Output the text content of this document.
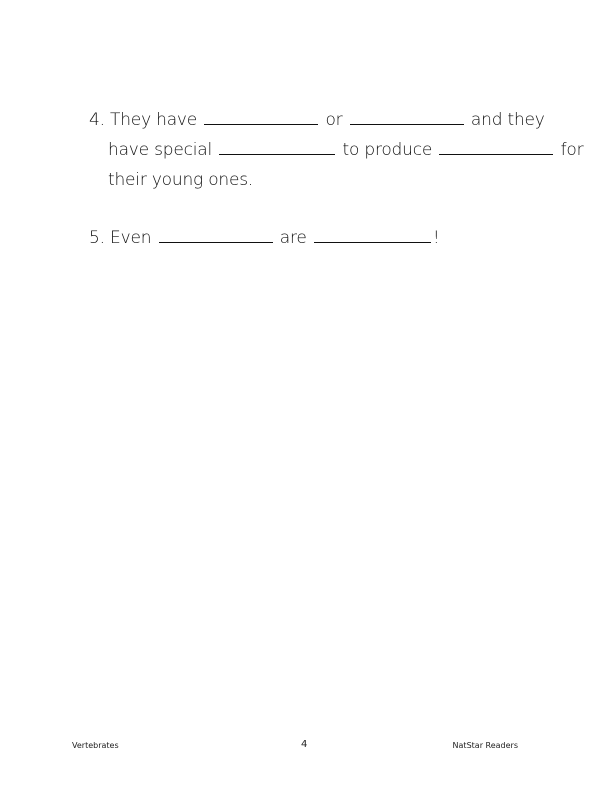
4. They have	or	and they
have special	to produce	for
their young ones.
5. Even	are	!
Vertebrates	4	NatStar Readers
